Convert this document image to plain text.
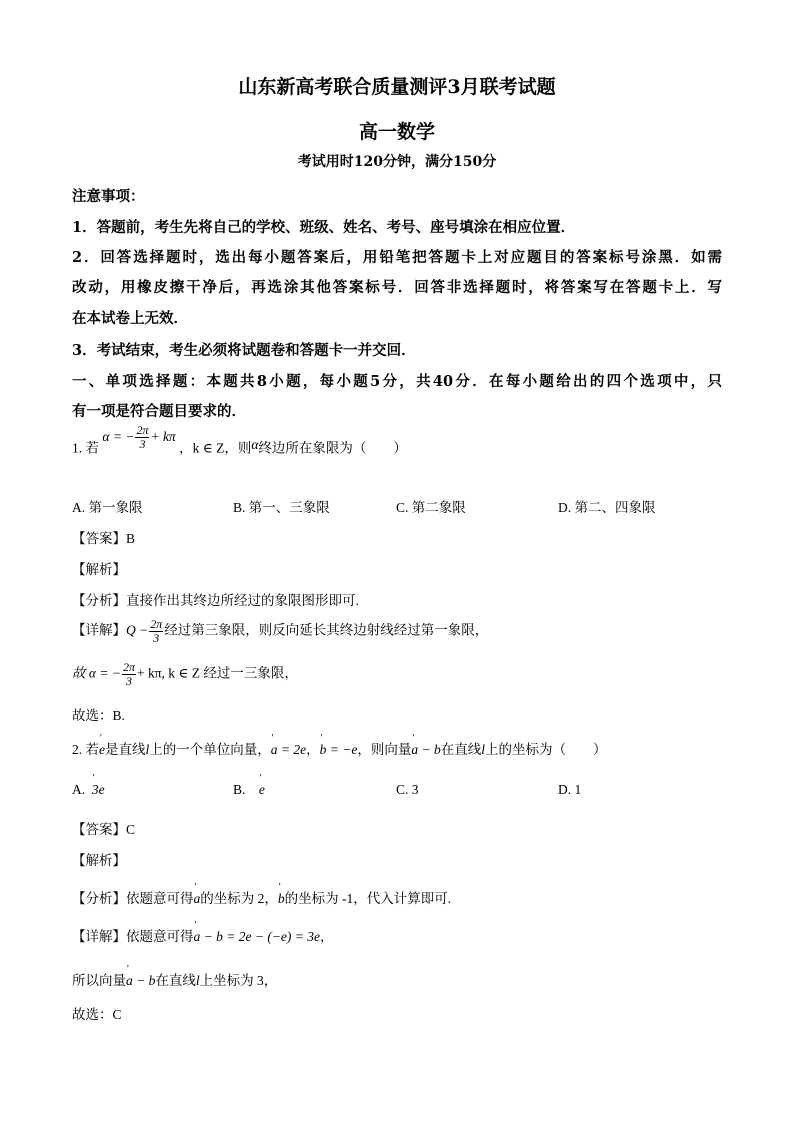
山东新高考联合质量测评3月联考试题
高一数学
考试用时120分钟，满分150分
注意事项：
1．答题前，考生先将自己的学校、班级、姓名、考号、座号填涂在相应位置．
2．回答选择题时，选出每小题答案后，用铅笔把答题卡上对应题目的答案标号涂黑．如需
改动，用橡皮擦干净后，再选涂其他答案标号．回答非选择题时，将答案写在答题卡上．写
在本试卷上无效．
3．考试结束，考生必须将试题卷和答题卡一并交回．
一、单项选择题：本题共8小题，每小题5分，共40分．在每小题给出的四个选项中，只
有一项是符合题目要求的．
1. 若 α = − $\frac{2\pi}{3} + k\pi$ ，k ∈ Z，则α终边所在象限为（　　）
A. 第一象限	B. 第一、三象限	C. 第二象限	D. 第二、四象限
【答案】B
【解析】
【分析】直接作出其终边所经过的象限图形即可.
【详解】$Q - \frac{2\pi}{3}$ 经过第三象限，则反向延长其终边射线经过第一象限，
故 α = − $\frac{2\pi}{3} + k\pi$, k ∈ Z 经过一三象限，
故选：B.
2. 若' e是直线l上的一个单位向量，' a = 2e，' b = −e，则向量' a − b在直线l上的坐标为（　　）
A. ' 3e	B. ' e	C. 3	D. 1
【答案】C
【解析】
【分析】依题意可得' a的坐标为 2，' b的坐标为 -1，代入计算即可.
【详解】依题意可得' a − b = 2e − (−e) = 3e，
所以向量' a − b在直线l上坐标为 3，
故选：C
